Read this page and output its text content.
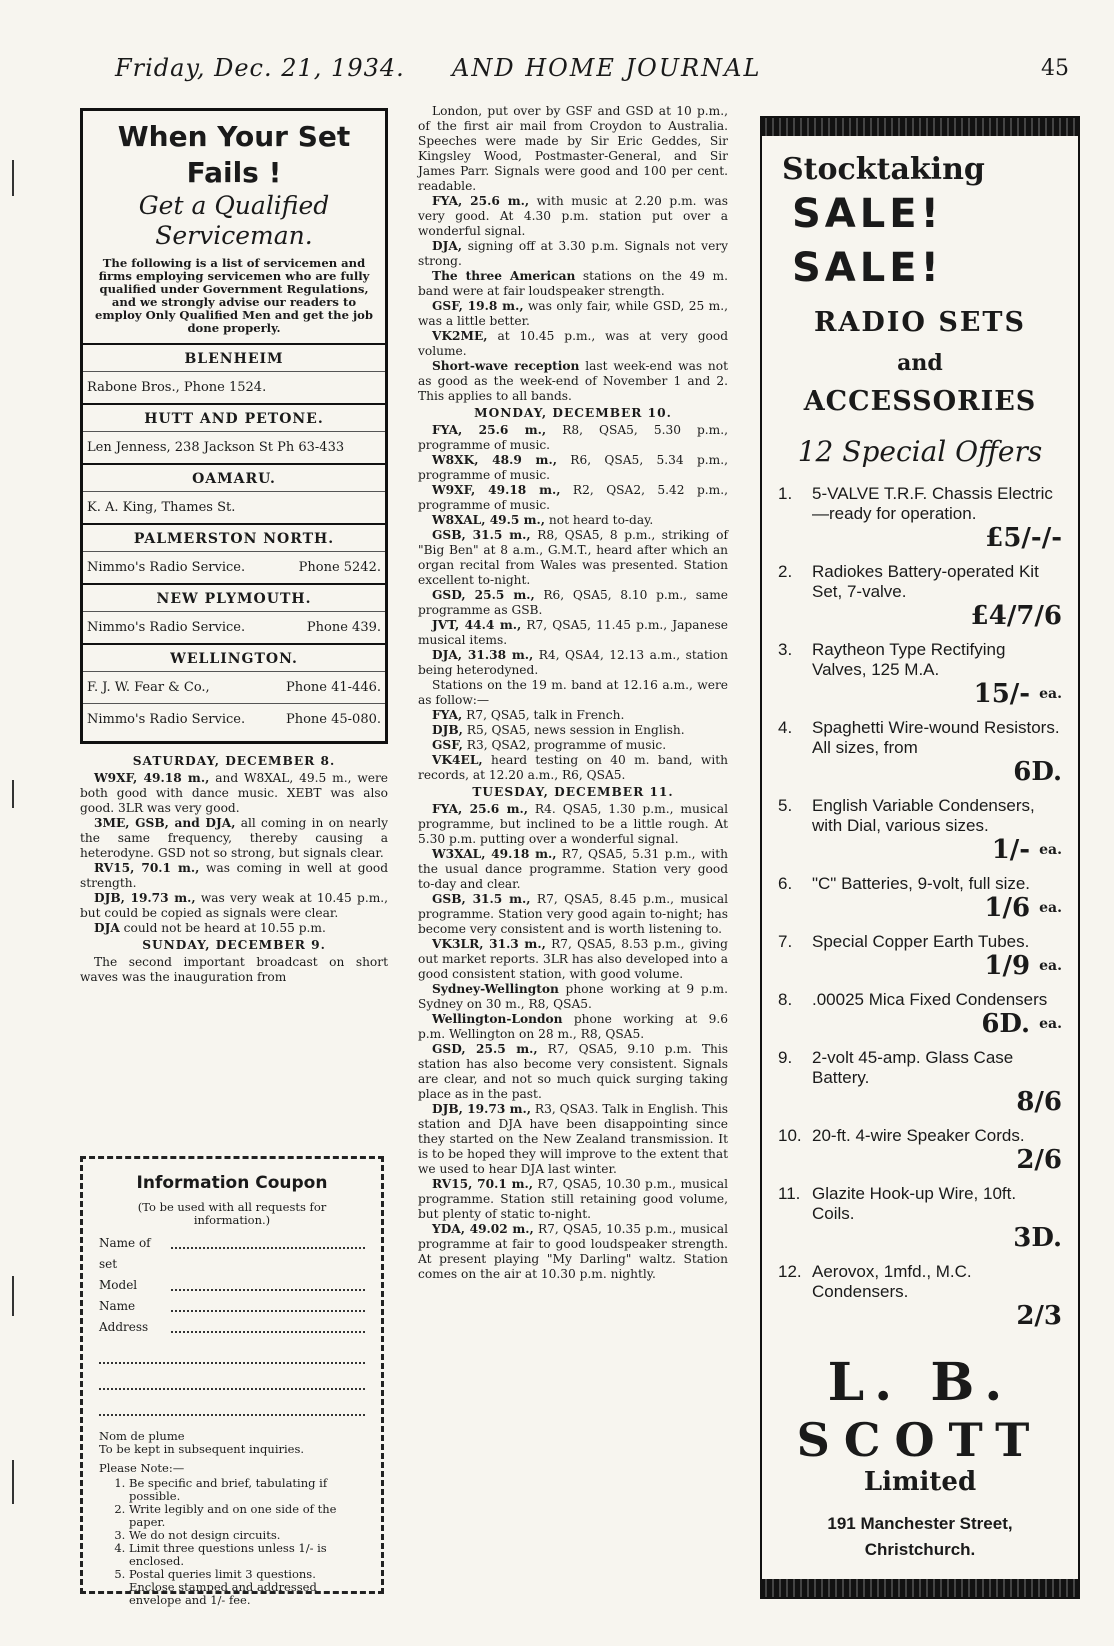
Friday, Dec. 21, 1934. AND HOME JOURNAL	45
When Your Set Fails !
Get a Qualified Serviceman.
The following is a list of servicemen and firms employing servicemen who are fully qualified under Government Regulations, and we strongly advise our readers to employ Only Qualified Men and get the job done properly.
BLENHEIM
Rabone Bros., Phone 1524.
HUTT AND PETONE.
Len Jenness, 238 Jackson St Ph 63-433
OAMARU.
K. A. King, Thames St.
PALMERSTON NORTH.
Nimmo's Radio Service.	Phone 5242.
NEW PLYMOUTH.
Nimmo's Radio Service.	Phone 439.
WELLINGTON.
F. J. W. Fear & Co.,	Phone 41-446.
Nimmo's Radio Service.	Phone 45-080.

SATURDAY, DECEMBER 8.

W9XF, 49.18 m., and W8XAL, 49.5 m., were both good with dance music. XEBT was also good. 3LR was very good.

3ME, GSB, and DJA, all coming in on nearly the same frequency, thereby causing a heterodyne. GSD not so strong, but signals clear.

RV15, 70.1 m., was coming in well at good strength.

DJB, 19.73 m., was very weak at 10.45 p.m., but could be copied as signals were clear.

DJA could not be heard at 10.55 p.m.

SUNDAY, DECEMBER 9.

The second important broadcast on short waves was the inauguration from

Information Coupon
(To be used with all requests for information.)
Name of set
Model
Name
Address
Nom de plume
To be kept in subsequent inquiries.
Please Note:—
1. Be specific and brief, tabulating if possible.
2. Write legibly and on one side of the paper.
3. We do not design circuits.
4. Limit three questions unless 1/- is enclosed.
5. Postal queries limit 3 questions. Enclose stamped and addressed envelope and 1/- fee.

London, put over by GSF and GSD at 10 p.m., of the first air mail from Croydon to Australia. Speeches were made by Sir Eric Geddes, Sir Kingsley Wood, Postmaster-General, and Sir James Parr. Signals were good and 100 per cent. readable.

FYA, 25.6 m., with music at 2.20 p.m. was very good. At 4.30 p.m. station put over a wonderful signal.

DJA, signing off at 3.30 p.m. Signals not very strong.

The three American stations on the 49 m. band were at fair loudspeaker strength.

GSF, 19.8 m., was only fair, while GSD, 25 m., was a little better.

VK2ME, at 10.45 p.m., was at very good volume.

Short-wave reception last week-end was not as good as the week-end of November 1 and 2. This applies to all bands.

MONDAY, DECEMBER 10.

FYA, 25.6 m., R8, QSA5, 5.30 p.m., programme of music.

W8XK, 48.9 m., R6, QSA5, 5.34 p.m., programme of music.

W9XF, 49.18 m., R2, QSA2, 5.42 p.m., programme of music.

W8XAL, 49.5 m., not heard to-day.

GSB, 31.5 m., R8, QSA5, 8 p.m., striking of "Big Ben" at 8 a.m., G.M.T., heard after which an organ recital from Wales was presented. Station excellent to-night.

GSD, 25.5 m., R6, QSA5, 8.10 p.m., same programme as GSB.

JVT, 44.4 m., R7, QSA5, 11.45 p.m., Japanese musical items.

DJA, 31.38 m., R4, QSA4, 12.13 a.m., station being heterodyned.

Stations on the 19 m. band at 12.16 a.m., were as follow:—

FYA, R7, QSA5, talk in French.

DJB, R5, QSA5, news session in English.

GSF, R3, QSA2, programme of music.

VK4EL, heard testing on 40 m. band, with records, at 12.20 a.m., R6, QSA5.

TUESDAY, DECEMBER 11.

FYA, 25.6 m., R4. QSA5, 1.30 p.m., musical programme, but inclined to be a little rough. At 5.30 p.m. putting over a wonderful signal.

W3XAL, 49.18 m., R7, QSA5, 5.31 p.m., with the usual dance programme. Station very good to-day and clear.

GSB, 31.5 m., R7, QSA5, 8.45 p.m., musical programme. Station very good again to-night; has become very consistent and is worth listening to.

VK3LR, 31.3 m., R7, QSA5, 8.53 p.m., giving out market reports. 3LR has also developed into a good consistent station, with good volume.

Sydney-Wellington phone working at 9 p.m. Sydney on 30 m., R8, QSA5.

Wellington-London phone working at 9.6 p.m. Wellington on 28 m., R8, QSA5.

GSD, 25.5 m., R7, QSA5, 9.10 p.m. This station has also become very consistent. Signals are clear, and not so much quick surging taking place as in the past.

DJB, 19.73 m., R3, QSA3. Talk in English. This station and DJA have been disappointing since they started on the New Zealand transmission. It is to be hoped they will improve to the extent that we used to hear DJA last winter.

RV15, 70.1 m., R7, QSA5, 10.30 p.m., musical programme. Station still retaining good volume, but plenty of static to-night.

YDA, 49.02 m., R7, QSA5, 10.35 p.m., musical programme at fair to good loudspeaker strength. At present playing "My Darling" waltz. Station comes on the air at 10.30 p.m. nightly.

Stocktaking
SALE!
SALE!
RADIO SETS
and
ACCESSORIES
12 Special Offers
1.	5-VALVE T.R.F. Chassis Electric—ready for operation.
£5/-/-
2.	Radiokes Battery-operated Kit Set, 7-valve.
£4/7/6
3.	Raytheon Type Rectifying Valves, 125 M.A.
15/- $^{ea.}$
4.	Spaghetti Wire-wound Resistors. All sizes, from
6D.
5.	English Variable Condensers, with Dial, various sizes.
1/- $^{ea.}$
6.	"C" Batteries, 9-volt, full size.
1/6 $^{ea.}$
7.	Special Copper Earth Tubes.
1/9 $^{ea.}$
8.	.00025 Mica Fixed Condensers
6D. $^{ea.}$
9.	2-volt 45-amp. Glass Case Battery.
8/6
10. 20-ft. 4-wire Speaker Cords.
2/6
11. Glazite Hook-up Wire, 10ft. Coils.
3D.
12. Aerovox, 1mfd., M.C. Condensers.
2/3
L. B.
SCOTT
Limited
191 Manchester Street,
Christchurch.
